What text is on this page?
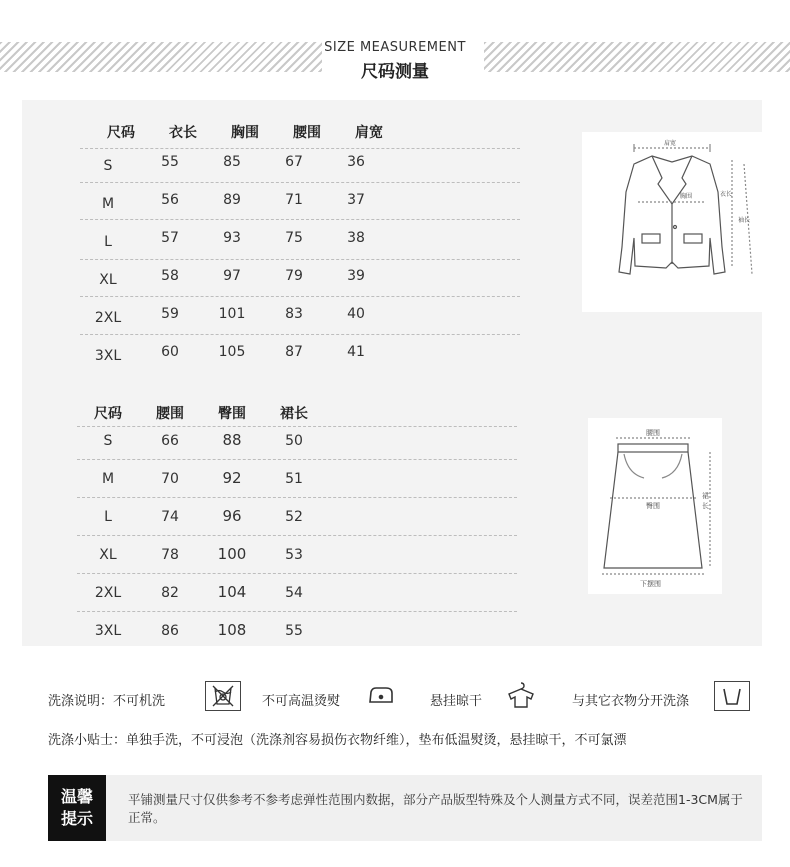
SIZE MEASUREMENT
尺码测量
尺码	衣长	胸围	腰围	肩宽
S	55	85	67	36
M	56	89	71	37
L	57	93	75	38
XL	58	97	79	39
2XL	59	101	83	40
3XL	60	105	87	41
肩宽
胸围	衣长
袖长
尺码	腰围	臀围	裙长
S	66	88	50
M	70	92	51
L	74	96	52
XL	78	100	53
2XL	82	104	54
3XL	86	108	55
腰围
臀围
裙
长
下摆围
洗涤说明：不可机洗	不可高温烫熨	悬挂晾干	与其它衣物分开洗涤
洗涤小贴士：单独手洗，不可浸泡（洗涤剂容易损伤衣物纤维），垫布低温熨烫，悬挂晾干，不可氯漂
温馨
提示
平铺测量尺寸仅供参考不参考虑弹性范围内数据，部分产品版型特殊及个人测量方式不同，误差范围1-3CM属于正常。
